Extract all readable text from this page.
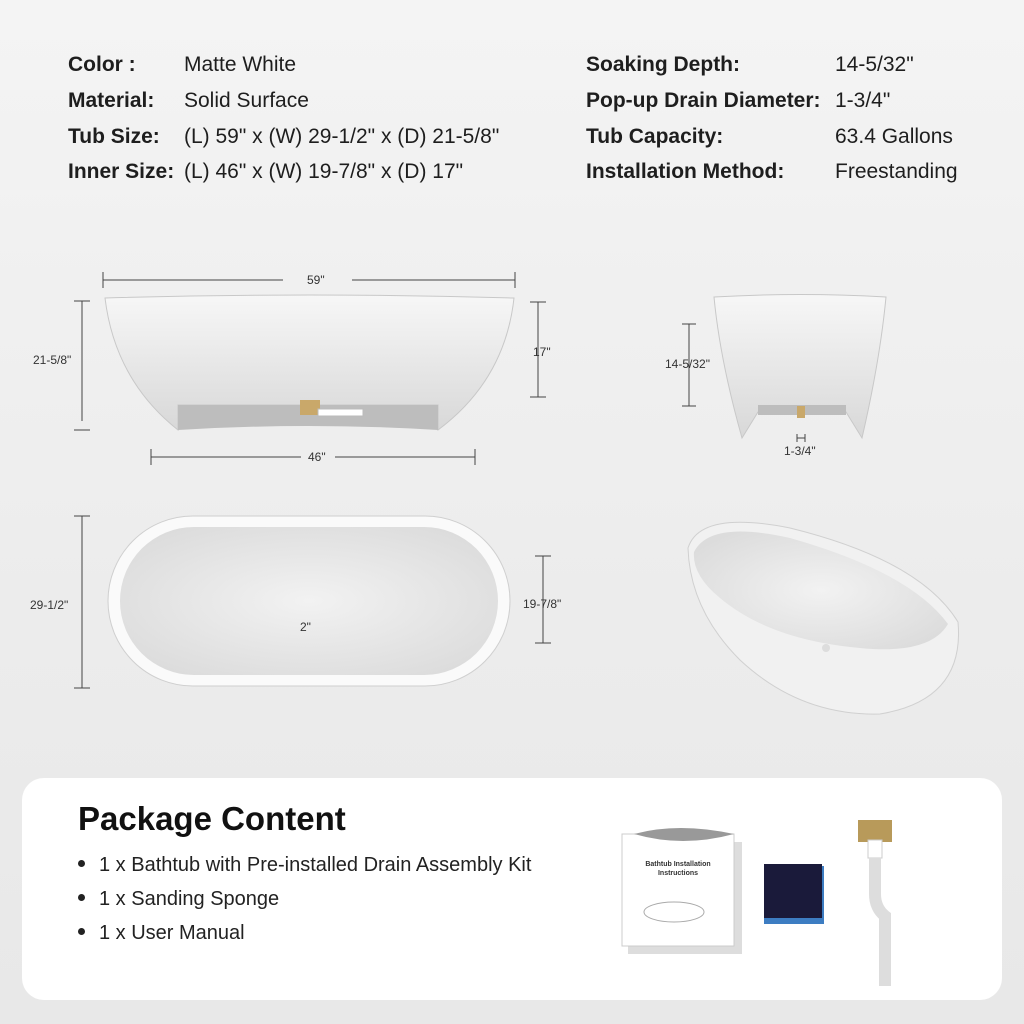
Color : Matte White
Material: Solid Surface
Tub Size: (L) 59" x (W) 29-1/2" x (D) 21-5/8"
Inner Size: (L) 46" x (W) 19-7/8" x (D) 17"
Soaking Depth:	14-5/32"
Pop-up Drain Diameter: 1-3/4"
Tub Capacity:	63.4 Gallons
Installation Method: Freestanding
59"
21-5/8"
17"
46"
14-5/32"
1-3/4"
29-1/2"
2"
19-7/8"
Package Content
1 x Bathtub with Pre-installed Drain Assembly Kit
1 x Sanding Sponge
1 x User Manual
Bathtub Installation Instructions
